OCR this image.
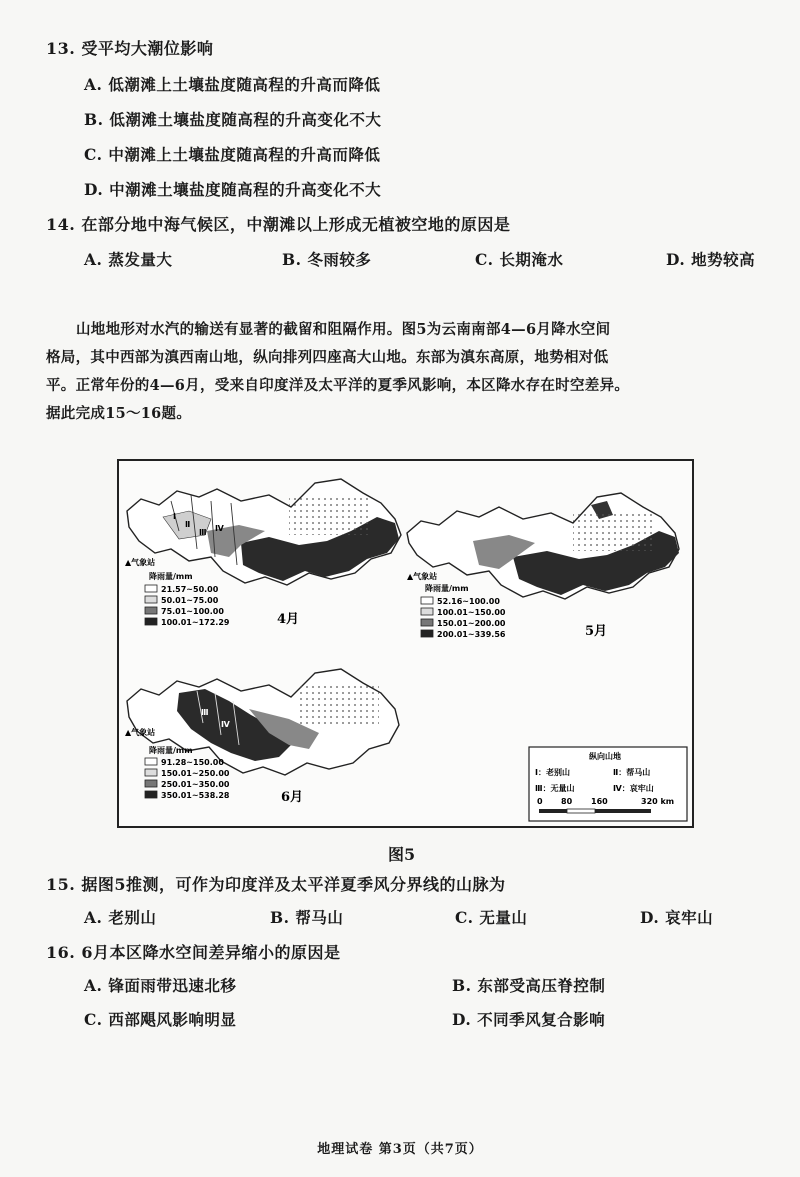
13. 受平均大潮位影响
A. 低潮滩上土壤盐度随高程的升高而降低
B. 低潮滩土壤盐度随高程的升高变化不大
C. 中潮滩上土壤盐度随高程的升高而降低
D. 中潮滩土壤盐度随高程的升高变化不大
14. 在部分地中海气候区，中潮滩以上形成无植被空地的原因是
A. 蒸发量大	B. 冬雨较多	C. 长期淹水	D. 地势较高

山地地形对水汽的输送有显著的截留和阻隔作用。图5为云南南部4—6月降水空间

格局，其中西部为滇西南山地，纵向排列四座高大山地。东部为滇东高原，地势相对低

平。正常年份的4—6月，受来自印度洋及太平洋的夏季风影响，本区降水存在时空差异。

据此完成15～16题。

Ⅰ
Ⅱ
Ⅲ Ⅳ
▲气象站
降雨量/mm
21.57~50.00
50.01~75.00
75.01~100.00
100.01~172.29	4月
▲气象站
降雨量/mm
52.16~100.00
100.01~150.00
150.01~200.00
200.01~339.56	5月
Ⅲ
Ⅳ
▲气象站
降雨量/mm
91.28~150.00
150.01~250.00
250.01~350.00
350.01~538.28	6月
纵向山地
Ⅰ：老别山	Ⅱ：帮马山
Ⅲ：无量山	Ⅳ：哀牢山
0 80 160	320 km
图5
15. 据图5推测，可作为印度洋及太平洋夏季风分界线的山脉为
A. 老别山	B. 帮马山	C. 无量山	D. 哀牢山
16. 6月本区降水空间差异缩小的原因是
A. 锋面雨带迅速北移	B. 东部受高压脊控制
C. 西部飓风影响明显	D. 不同季风复合影响
地理试卷 第3页（共7页）
